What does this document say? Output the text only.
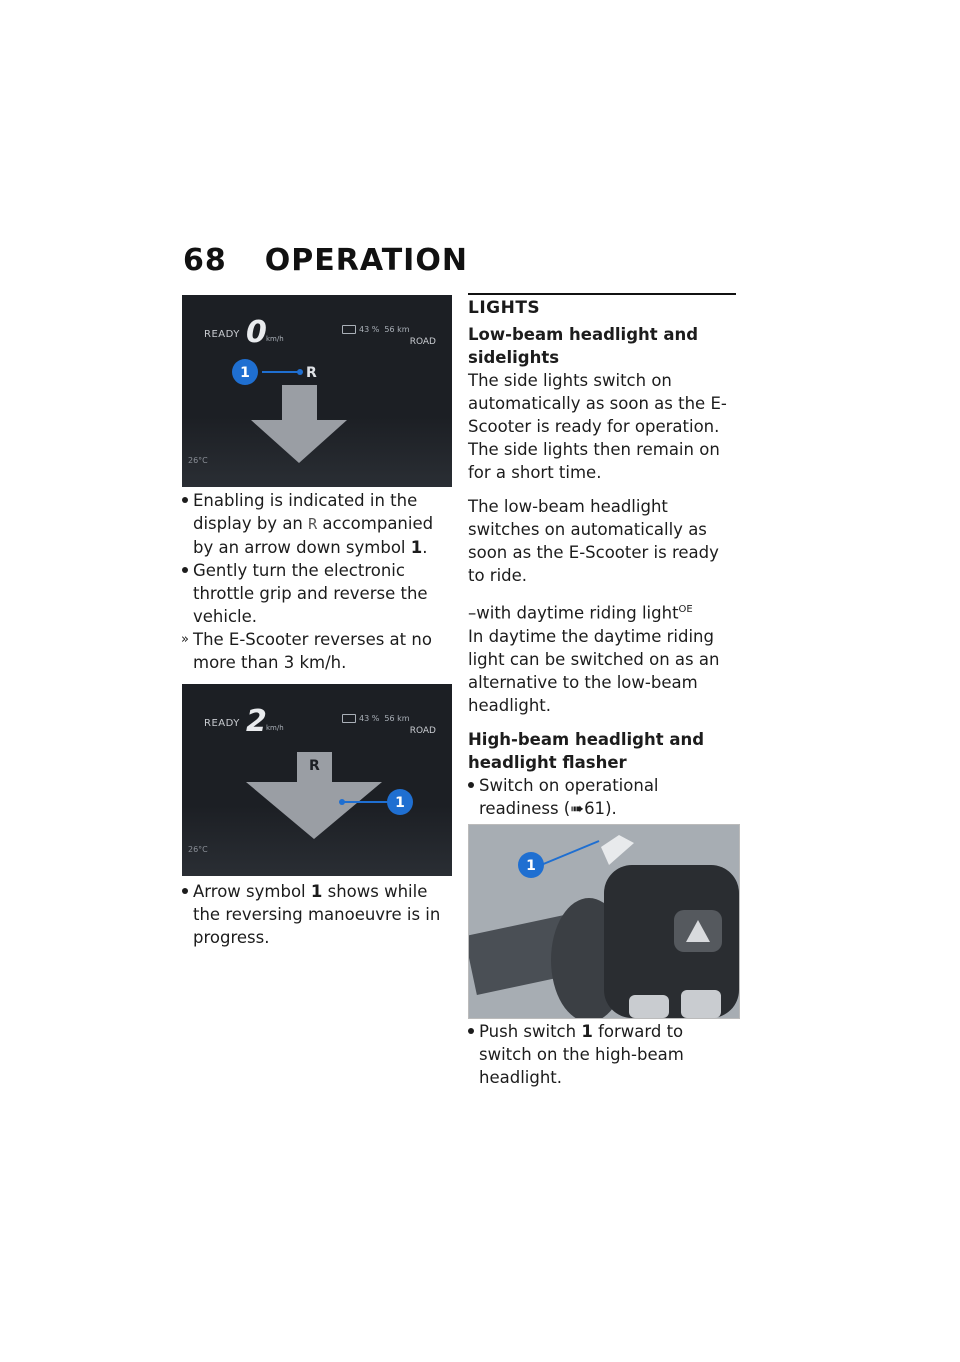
68 OPERATION
READY 0 km/h
43 % 56 km
ROAD
26°C
1	R
Enabling is indicated in the display by an R accompanied by an arrow down symbol 1.
Gently turn the electronic throttle grip and reverse the vehicle.
» The E-Scooter reverses at no more than 3 km/h.
READY 2 km/h
43 % 56 km
ROAD
26°C
R
1
Arrow symbol 1 shows while the reversing manoeuvre is in progress.
LIGHTS
Low-beam headlight and sidelights
The side lights switch on automatically as soon as the E-Scooter is ready for operation. The side lights then remain on for a short time.
The low-beam headlight switches on automatically as soon as the E-Scooter is ready to ride.
–with daytime riding light$^{OE}$
In daytime the daytime riding light can be switched on as an alternative to the low-beam headlight.
High-beam headlight and headlight flasher
Switch on operational readiness (➠61).
1
Push switch 1 forward to switch on the high-beam headlight.
